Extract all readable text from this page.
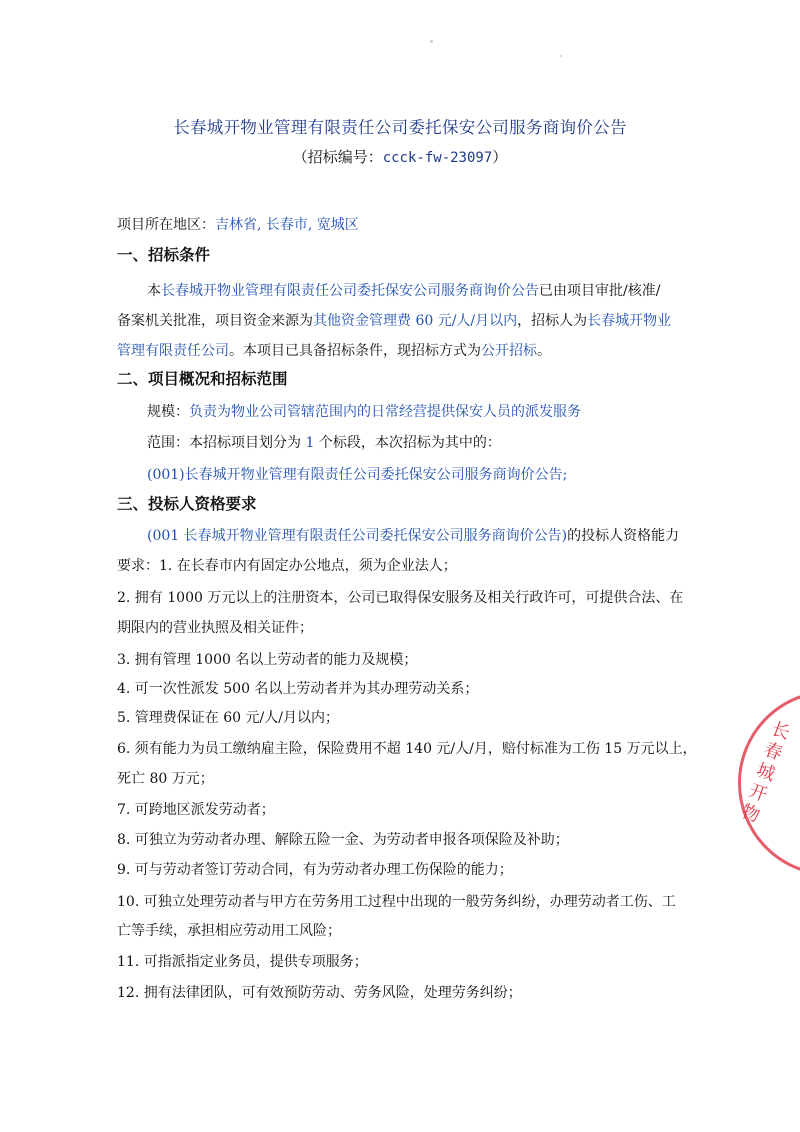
长春城开物业管理有限责任公司委托保安公司服务商询价公告
（招标编号：ccck-fw-23097）
项目所在地区：吉林省, 长春市, 宽城区
一、招标条件
本长春城开物业管理有限责任公司委托保安公司服务商询价公告已由项目审批/核准/
备案机关批准，项目资金来源为其他资金管理费 60 元/人/月以内，招标人为长春城开物业
管理有限责任公司。本项目已具备招标条件，现招标方式为公开招标。
二、项目概况和招标范围
规模：负责为物业公司管辖范围内的日常经营提供保安人员的派发服务
范围：本招标项目划分为 1 个标段，本次招标为其中的：
(001)长春城开物业管理有限责任公司委托保安公司服务商询价公告;
三、投标人资格要求
(001 长春城开物业管理有限责任公司委托保安公司服务商询价公告)的投标人资格能力
要求：1. 在长春市内有固定办公地点，须为企业法人；
2. 拥有 1000 万元以上的注册资本，公司已取得保安服务及相关行政许可，可提供合法、在
期限内的营业执照及相关证件；
3. 拥有管理 1000 名以上劳动者的能力及规模；
4. 可一次性派发 500 名以上劳动者并为其办理劳动关系；
5. 管理费保证在 60 元/人/月以内；
6. 须有能力为员工缴纳雇主险，保险费用不超 140 元/人/月，赔付标准为工伤 15 万元以上，
死亡 80 万元；
7. 可跨地区派发劳动者；
8. 可独立为劳动者办理、解除五险一金、为劳动者申报各项保险及补助；
9. 可与劳动者签订劳动合同，有为劳动者办理工伤保险的能力；
10. 可独立处理劳动者与甲方在劳务用工过程中出现的一般劳务纠纷，办理劳动者工伤、工
亡等手续，承担相应劳动用工风险；
11. 可指派指定业务员，提供专项服务；
12. 拥有法律团队，可有效预防劳动、劳务风险，处理劳务纠纷；
长春城开物
